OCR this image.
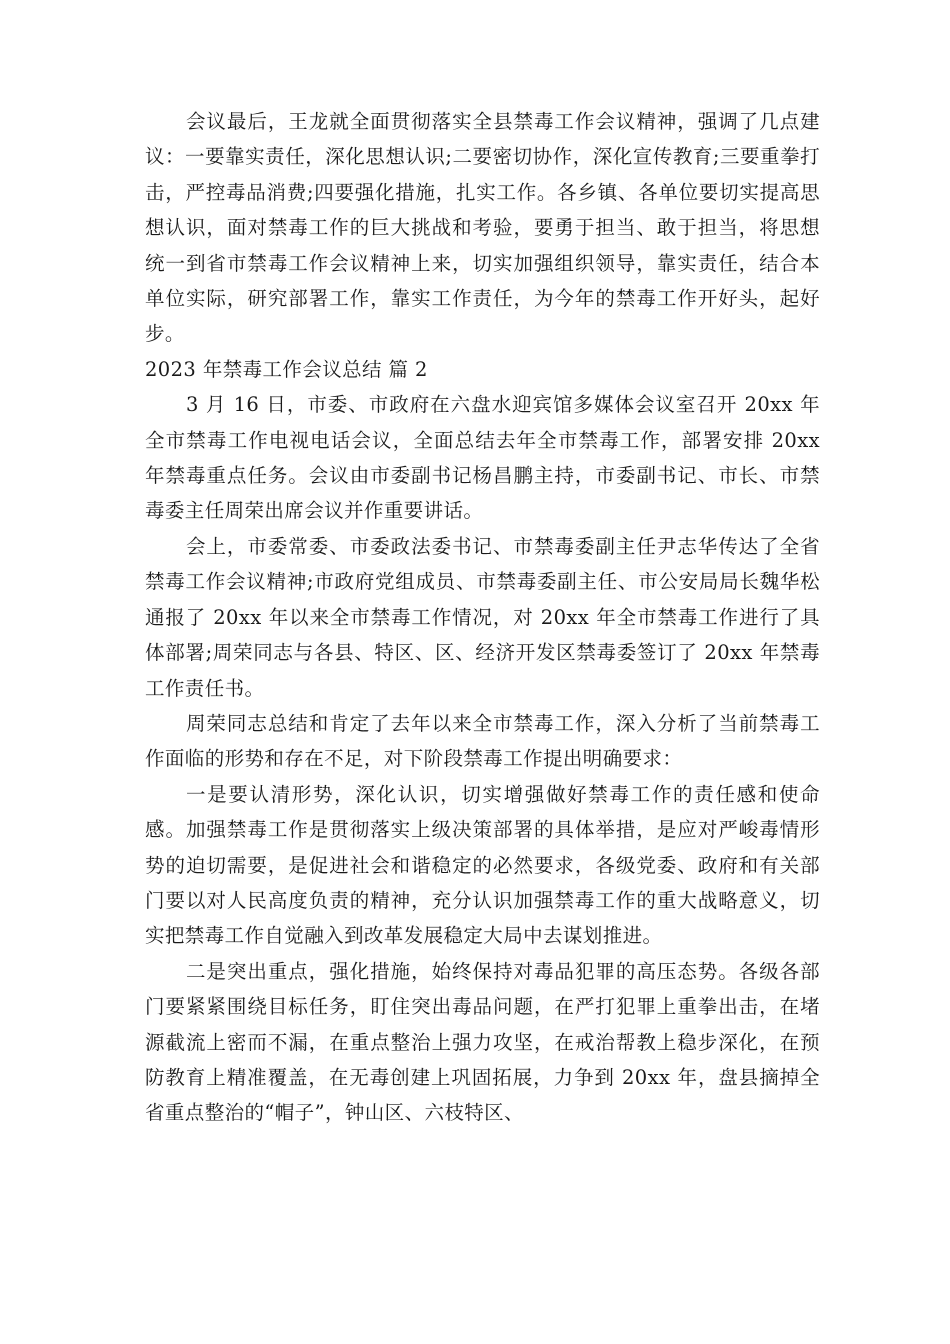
会议最后，王龙就全面贯彻落实全县禁毒工作会议精神，强调了几点建议：一要靠实责任，深化思想认识;二要密切协作，深化宣传教育;三要重拳打击，严控毒品消费;四要强化措施，扎实工作。各乡镇、各单位要切实提高思想认识，面对禁毒工作的巨大挑战和考验，要勇于担当、敢于担当，将思想统一到省市禁毒工作会议精神上来，切实加强组织领导，靠实责任，结合本单位实际，研究部署工作，靠实工作责任，为今年的禁毒工作开好头，起好步。

2023 年禁毒工作会议总结 篇 2

3 月 16 日，市委、市政府在六盘水迎宾馆多媒体会议室召开 20xx 年全市禁毒工作电视电话会议，全面总结去年全市禁毒工作，部署安排 20xx 年禁毒重点任务。会议由市委副书记杨昌鹏主持，市委副书记、市长、市禁毒委主任周荣出席会议并作重要讲话。

会上，市委常委、市委政法委书记、市禁毒委副主任尹志华传达了全省禁毒工作会议精神;市政府党组成员、市禁毒委副主任、市公安局局长魏华松通报了 20xx 年以来全市禁毒工作情况，对 20xx 年全市禁毒工作进行了具体部署;周荣同志与各县、特区、区、经济开发区禁毒委签订了 20xx 年禁毒工作责任书。

周荣同志总结和肯定了去年以来全市禁毒工作，深入分析了当前禁毒工作面临的形势和存在不足，对下阶段禁毒工作提出明确要求：

一是要认清形势，深化认识，切实增强做好禁毒工作的责任感和使命感。加强禁毒工作是贯彻落实上级决策部署的具体举措，是应对严峻毒情形势的迫切需要，是促进社会和谐稳定的必然要求，各级党委、政府和有关部门要以对人民高度负责的精神，充分认识加强禁毒工作的重大战略意义，切实把禁毒工作自觉融入到改革发展稳定大局中去谋划推进。

二是突出重点，强化措施，始终保持对毒品犯罪的高压态势。各级各部门要紧紧围绕目标任务，盯住突出毒品问题，在严打犯罪上重拳出击，在堵源截流上密而不漏，在重点整治上强力攻坚，在戒治帮教上稳步深化，在预防教育上精准覆盖，在无毒创建上巩固拓展，力争到 20xx 年，盘县摘掉全省重点整治的“帽子”，钟山区、六枝特区、
